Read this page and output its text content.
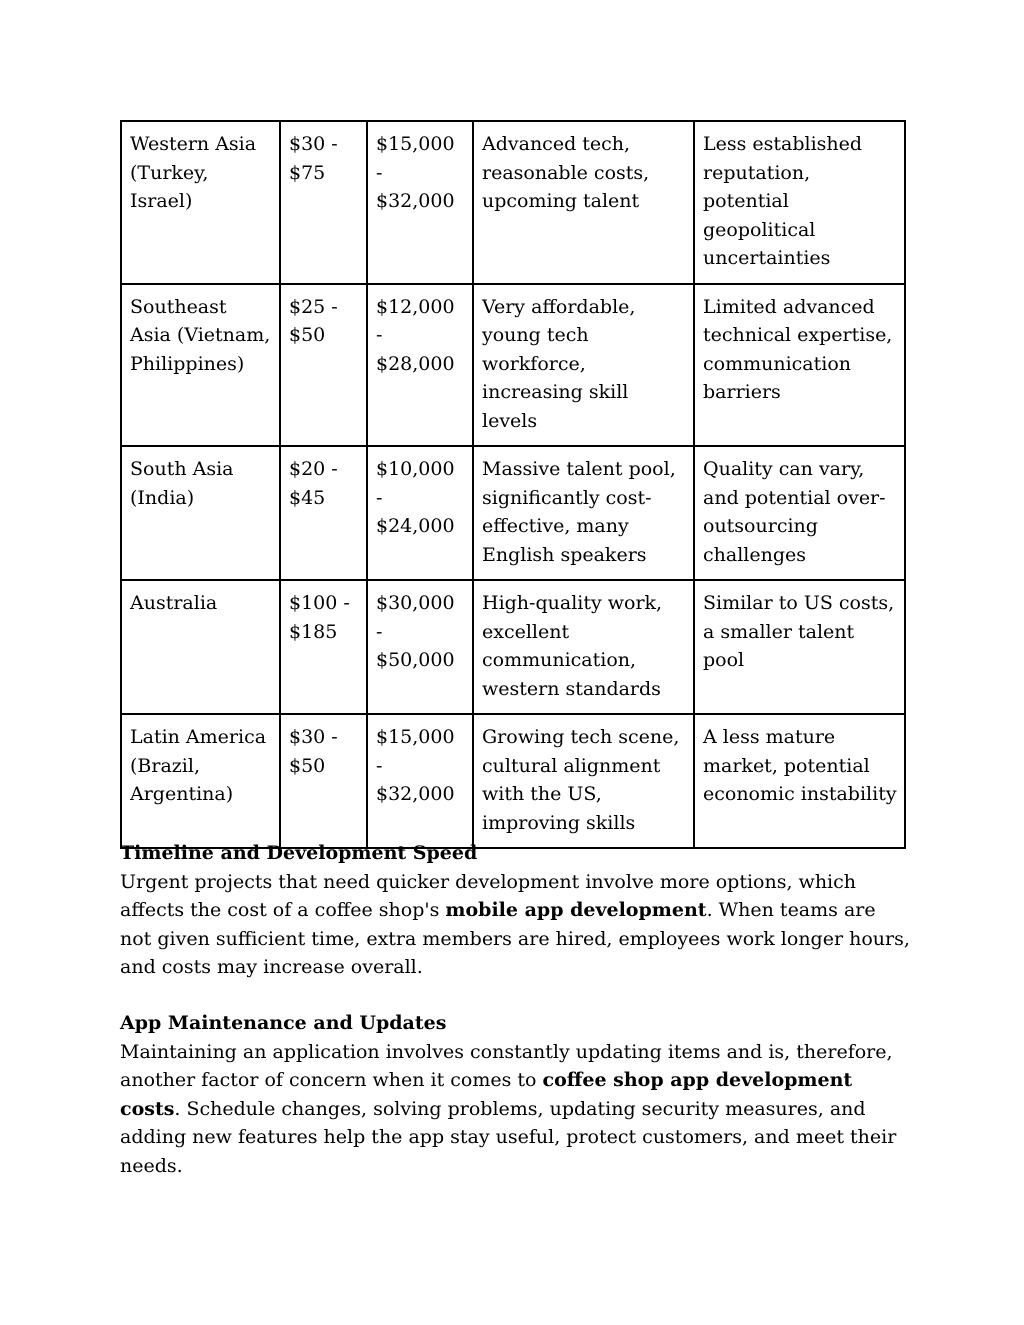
Western Asia (Turkey, Israel)	$30 - $75	$15,000 - $32,000	Advanced tech, reasonable costs, upcoming talent	Less established reputation, potential geopolitical uncertainties
Southeast Asia (Vietnam, Philippines)	$25 - $50	$12,000 - $28,000	Very affordable, young tech workforce, increasing skill levels	Limited advanced technical expertise, communication barriers
South Asia (India)	$20 - $45	$10,000 - $24,000	Massive talent pool, significantly cost-effective, many English speakers	Quality can vary, and potential over-outsourcing challenges
Australia	$100 - $185	$30,000 - $50,000	High-quality work, excellent communication, western standards	Similar to US costs, a smaller talent pool
Latin America (Brazil, Argentina)	$30 - $50	$15,000 - $32,000	Growing tech scene, cultural alignment with the US, improving skills	A less mature market, potential economic instability
Timeline and Development Speed

Urgent projects that need quicker development involve more options, which affects the cost of a coffee shop's mobile app development. When teams are not given sufficient time, extra members are hired, employees work longer hours, and costs may increase overall.

App Maintenance and Updates

Maintaining an application involves constantly updating items and is, therefore, another factor of concern when it comes to coffee shop app development costs. Schedule changes, solving problems, updating security measures, and adding new features help the app stay useful, protect customers, and meet their needs.
